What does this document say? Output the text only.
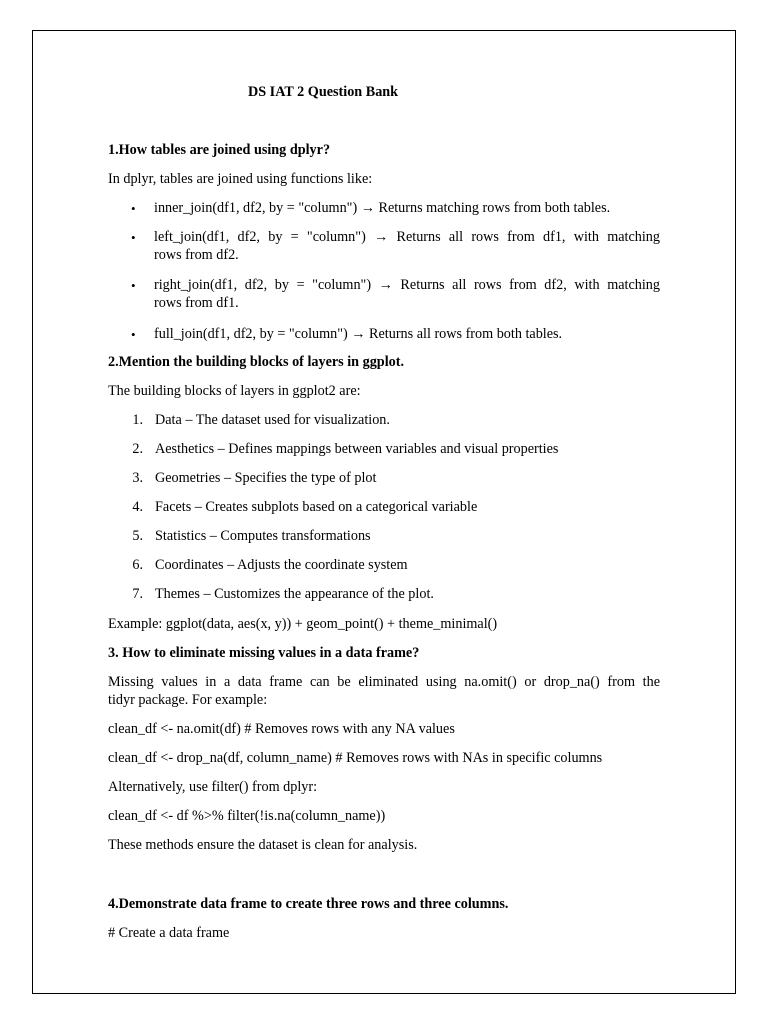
DS IAT 2 Question Bank
1.How tables are joined using dplyr?
In dplyr, tables are joined using functions like:
• inner_join(df1, df2, by = "column") → Returns matching rows from both tables.
• left_join(df1, df2, by = "column") → Returns all rows from df1, with matching
rows from df2.
• right_join(df1, df2, by = "column") → Returns all rows from df2, with matching
rows from df1.
• full_join(df1, df2, by = "column") → Returns all rows from both tables.
2.Mention the building blocks of layers in ggplot.
The building blocks of layers in ggplot2 are:
1. Data – The dataset used for visualization.
2. Aesthetics – Defines mappings between variables and visual properties
3. Geometries – Specifies the type of plot
4. Facets – Creates subplots based on a categorical variable
5. Statistics – Computes transformations
6. Coordinates – Adjusts the coordinate system
7. Themes – Customizes the appearance of the plot.
Example: ggplot(data, aes(x, y)) + geom_point() + theme_minimal()
3. How to eliminate missing values in a data frame?
Missing values in a data frame can be eliminated using na.omit() or drop_na() from the
tidyr package. For example:
clean_df <- na.omit(df) # Removes rows with any NA values
clean_df <- drop_na(df, column_name) # Removes rows with NAs in specific columns
Alternatively, use filter() from dplyr:
clean_df <- df %>% filter(!is.na(column_name))
These methods ensure the dataset is clean for analysis.
4.Demonstrate data frame to create three rows and three columns.
# Create a data frame
